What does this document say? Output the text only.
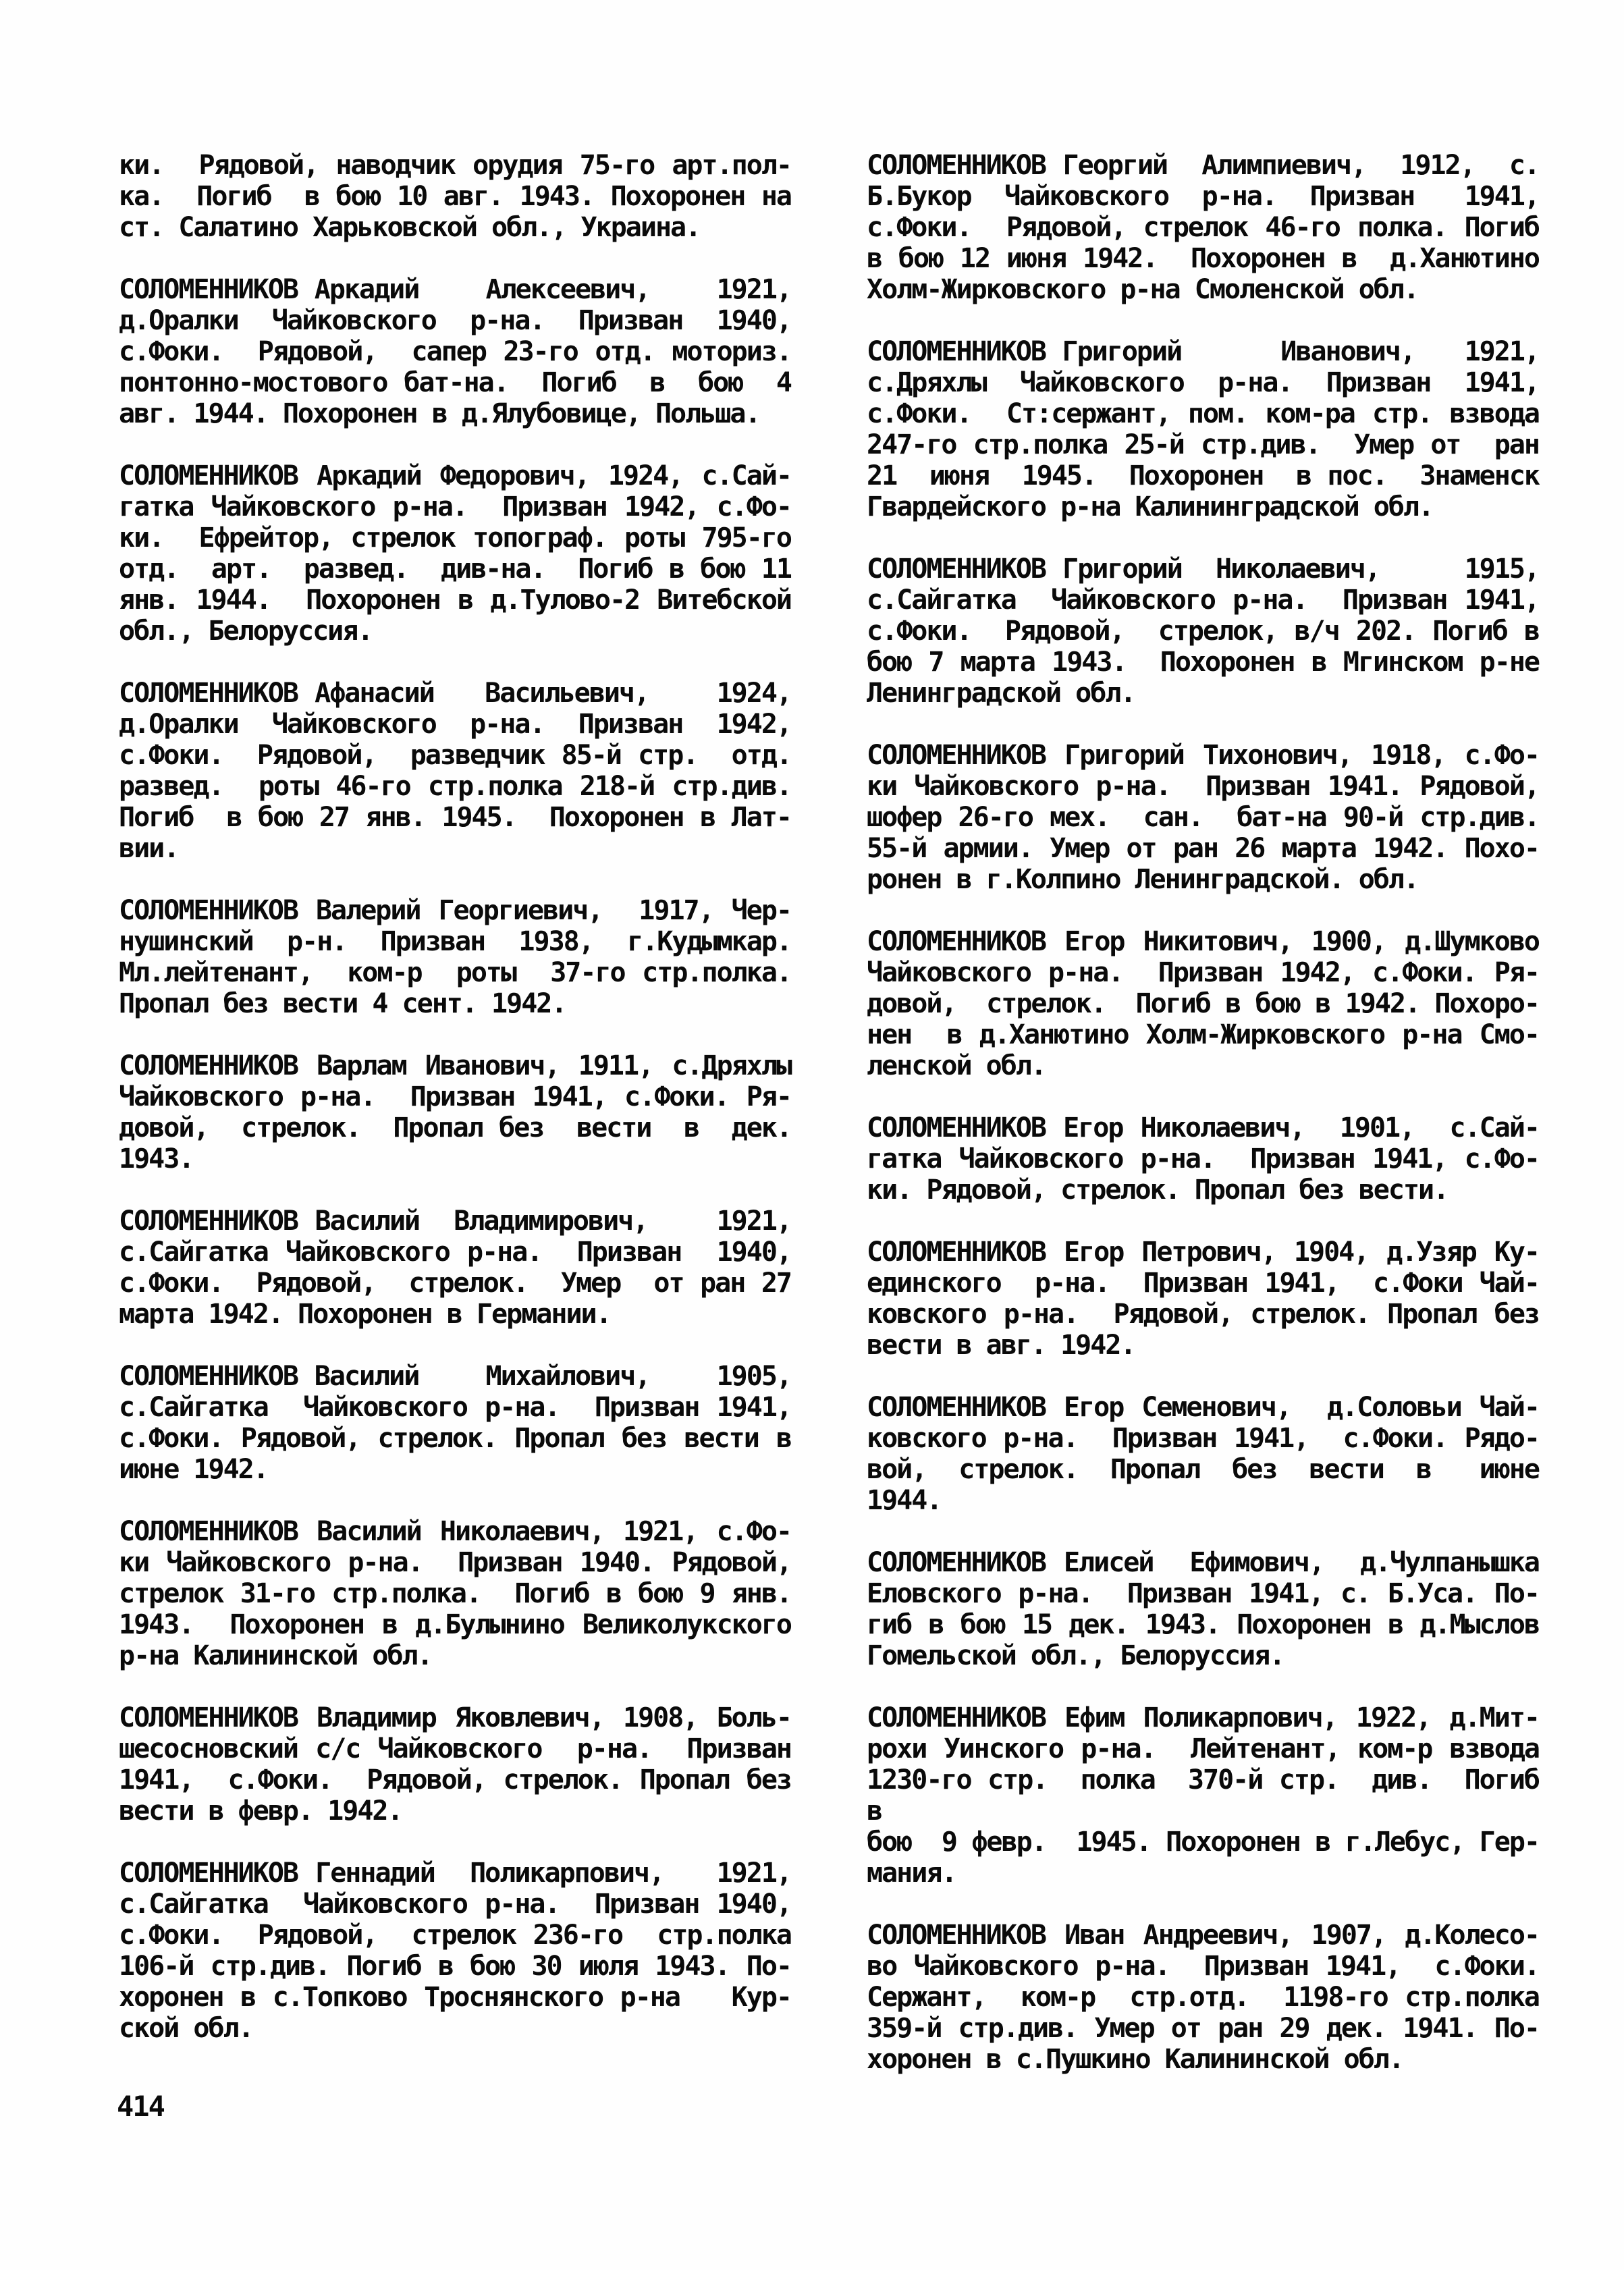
ки.  Рядовой, наводчик орудия 75-го арт.пол-
ка.  Погиб  в бою 10 авг. 1943. Похоронен на
ст. Салатино Харьковской обл., Украина.
СОЛОМЕННИКОВ Аркадий    Алексеевич,    1921,
д.Оралки  Чайковского  р-на.  Призван  1940,
с.Фоки.  Рядовой,  сапер 23-го отд. моториз.
понтонно-мостового бат-на.  Погиб  в  бою  4
авг. 1944. Похоронен в д.Ялубовице, Польша.
СОЛОМЕННИКОВ Аркадий Федорович, 1924, с.Сай-
гатка Чайковского р-на.  Призван 1942, с.Фо-
ки.  Ефрейтор, стрелок топограф. роты 795-го
отд.  арт.  развед.  див-на.  Погиб в бою 11
янв. 1944.  Похоронен в д.Тулово-2 Витебской
обл., Белоруссия.
СОЛОМЕННИКОВ Афанасий   Васильевич,    1924,
д.Оралки  Чайковского  р-на.  Призван  1942,
с.Фоки.  Рядовой,  разведчик 85-й стр.  отд.
развед.  роты 46-го стр.полка 218-й стр.див.
Погиб  в бою 27 янв. 1945.  Похоронен в Лат-
вии.
СОЛОМЕННИКОВ Валерий Георгиевич,  1917, Чер-
нушинский  р-н.  Призван  1938,  г.Кудымкар.
Мл.лейтенант,  ком-р  роты  37-го стр.полка.
Пропал без вести 4 сент. 1942.
СОЛОМЕННИКОВ Варлам Иванович, 1911, с.Дряхлы
Чайковского р-на.  Призван 1941, с.Фоки. Ря-
довой,  стрелок.  Пропал без  вести  в  дек.
1943.
СОЛОМЕННИКОВ Василий  Владимирович,    1921,
с.Сайгатка Чайковского р-на.  Призван  1940,
с.Фоки.  Рядовой,  стрелок.  Умер  от ран 27
марта 1942. Похоронен в Германии.
СОЛОМЕННИКОВ Василий    Михайлович,    1905,
с.Сайгатка  Чайковского р-на.  Призван 1941,
с.Фоки. Рядовой, стрелок. Пропал без вести в
июне 1942.
СОЛОМЕННИКОВ Василий Николаевич, 1921, с.Фо-
ки Чайковского р-на.  Призван 1940. Рядовой,
стрелок 31-го стр.полка.  Погиб в бою 9 янв.
1943.  Похоронен в д.Булынино Великолукского
р-на Калининской обл.
СОЛОМЕННИКОВ Владимир Яковлевич, 1908, Боль-
шесосновский с/с Чайковского  р-на.  Призван
1941,  с.Фоки.  Рядовой, стрелок. Пропал без
вести в февр. 1942.
СОЛОМЕННИКОВ Геннадий  Поликарпович,   1921,
с.Сайгатка  Чайковского р-на.  Призван 1940,
с.Фоки.  Рядовой,  стрелок 236-го  стр.полка
106-й стр.див. Погиб в бою 30 июля 1943. По-
хоронен в с.Топково Троснянского р-на   Кур-
ской обл.
СОЛОМЕННИКОВ Георгий  Алимпиевич,  1912,  с.
Б.Букор  Чайковского  р-на.  Призван   1941,
с.Фоки.  Рядовой, стрелок 46-го полка. Погиб
в бою 12 июня 1942.  Похоронен в  д.Ханютино
Холм-Жирковского р-на Смоленской обл.
СОЛОМЕННИКОВ Григорий      Иванович,   1921,
с.Дряхлы  Чайковского  р-на.  Призван  1941,
с.Фоки.  Ст:сержант, пом. ком-ра стр. взвода
247-го стр.полка 25-й стр.див.  Умер от  ран
21  июня  1945.  Похоронен  в пос.  Знаменск
Гвардейского р-на Калининградской обл.
СОЛОМЕННИКОВ Григорий  Николаевич,     1915,
с.Сайгатка  Чайковского р-на.  Призван 1941,
с.Фоки.  Рядовой,  стрелок, в/ч 202. Погиб в
бою 7 марта 1943.  Похоронен в Мгинском р-не
Ленинградской обл.
СОЛОМЕННИКОВ Григорий Тихонович, 1918, с.Фо-
ки Чайковского р-на.  Призван 1941. Рядовой,
шофер 26-го мех.  сан.  бат-на 90-й стр.див.
55-й армии. Умер от ран 26 марта 1942. Похо-
ронен в г.Колпино Ленинградской. обл.
СОЛОМЕННИКОВ Егор Никитович, 1900, д.Шумково
Чайковского р-на.  Призван 1942, с.Фоки. Ря-
довой,  стрелок.  Погиб в бою в 1942. Похоро-
нен  в д.Ханютино Холм-Жирковского р-на Смо-
ленской обл.
СОЛОМЕННИКОВ Егор Николаевич,  1901,  с.Сай-
гатка Чайковского р-на.  Призван 1941, с.Фо-
ки. Рядовой, стрелок. Пропал без вести.
СОЛОМЕННИКОВ Егор Петрович, 1904, д.Узяр Ку-
единского  р-на.  Призван 1941,  с.Фоки Чай-
ковского р-на.  Рядовой, стрелок. Пропал без
вести в авг. 1942.
СОЛОМЕННИКОВ Егор Семенович,  д.Соловьи Чай-
ковского р-на.  Призван 1941,  с.Фоки. Рядо-
вой,  стрелок.  Пропал  без  вести  в   июне
1944.
СОЛОМЕННИКОВ Елисей  Ефимович,  д.Чулпанышка
Еловского р-на.  Призван 1941, с. Б.Уса. По-
гиб в бою 15 дек. 1943. Похоронен в д.Мыслов
Гомельской обл., Белоруссия.
СОЛОМЕННИКОВ Ефим Поликарпович, 1922, д.Мит-
рохи Уинского р-на.  Лейтенант, ком-р взвода
1230-го стр.  полка  370-й стр.  див.  Погиб в
бою  9 февр.  1945. Похоронен в г.Лебус, Гер-
мания.
СОЛОМЕННИКОВ Иван Андреевич, 1907, д.Колесо-
во Чайковского р-на.  Призван 1941,  с.Фоки.
Сержант,  ком-р  стр.отд.  1198-го стр.полка
359-й стр.див. Умер от ран 29 дек. 1941. По-
хоронен в с.Пушкино Калининской обл.
414
